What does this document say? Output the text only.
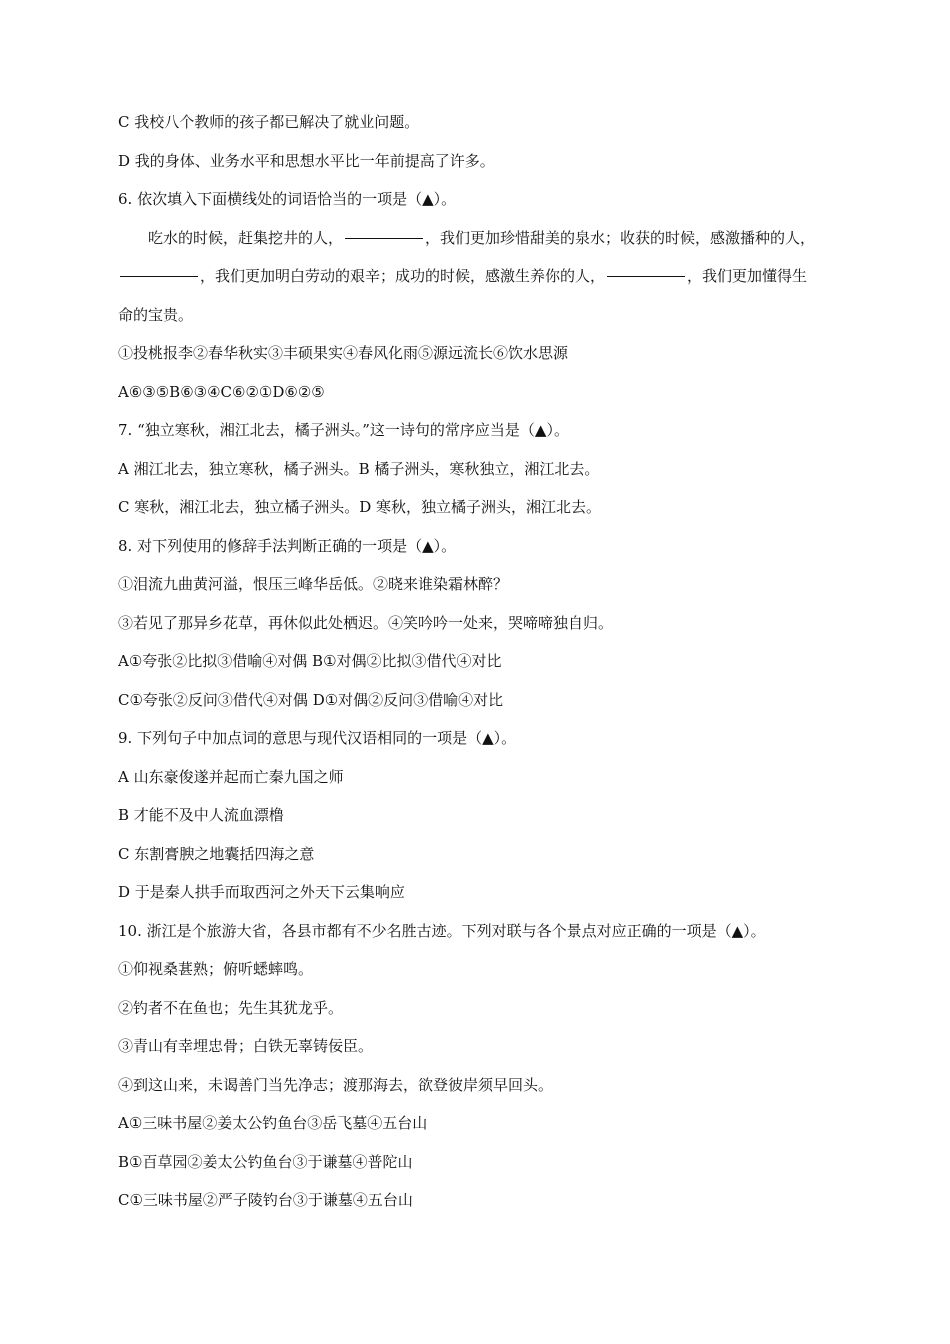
C 我校八个教师的孩子都已解决了就业问题。
D 我的身体、业务水平和思想水平比一年前提高了许多。
6. 依次填入下面横线处的词语恰当的一项是（▲）。
吃水的时候，赶集挖井的人，	，我们更加珍惜甜美的泉水；收获的时候，感激播种的人，
，我们更加明白劳动的艰辛；成功的时候，感激生养你的人，	，我们更加懂得生
命的宝贵。
①投桃报李②春华秋实③丰硕果实④春风化雨⑤源远流长⑥饮水思源
A⑥③⑤B⑥③④C⑥②①D⑥②⑤
7. “独立寒秋，湘江北去，橘子洲头。”这一诗句的常序应当是（▲）。
A 湘江北去，独立寒秋，橘子洲头。B 橘子洲头，寒秋独立，湘江北去。
C 寒秋，湘江北去，独立橘子洲头。D 寒秋，独立橘子洲头，湘江北去。
8. 对下列使用的修辞手法判断正确的一项是（▲）。
①泪流九曲黄河溢，恨压三峰华岳低。②晓来谁染霜林醉？
③若见了那异乡花草，再休似此处栖迟。④笑吟吟一处来，哭啼啼独自归。
A①夸张②比拟③借喻④对偶 B①对偶②比拟③借代④对比
C①夸张②反问③借代④对偶 D①对偶②反问③借喻④对比
9. 下列句子中加点词的意思与现代汉语相同的一项是（▲）。
A 山东豪俊遂并起而亡秦九国之师
B 才能不及中人流血漂橹
C 东割膏腴之地囊括四海之意
D 于是秦人拱手而取西河之外天下云集响应
10. 浙江是个旅游大省，各县市都有不少名胜古迹。下列对联与各个景点对应正确的一项是（▲）。
①仰视桑葚熟；俯听蟋蟀鸣。
②钓者不在鱼也；先生其犹龙乎。
③青山有幸埋忠骨；白铁无辜铸佞臣。
④到这山来，未谒善门当先净志；渡那海去，欲登彼岸须早回头。
A①三味书屋②姜太公钓鱼台③岳飞墓④五台山
B①百草园②姜太公钓鱼台③于谦墓④普陀山
C①三味书屋②严子陵钓台③于谦墓④五台山
